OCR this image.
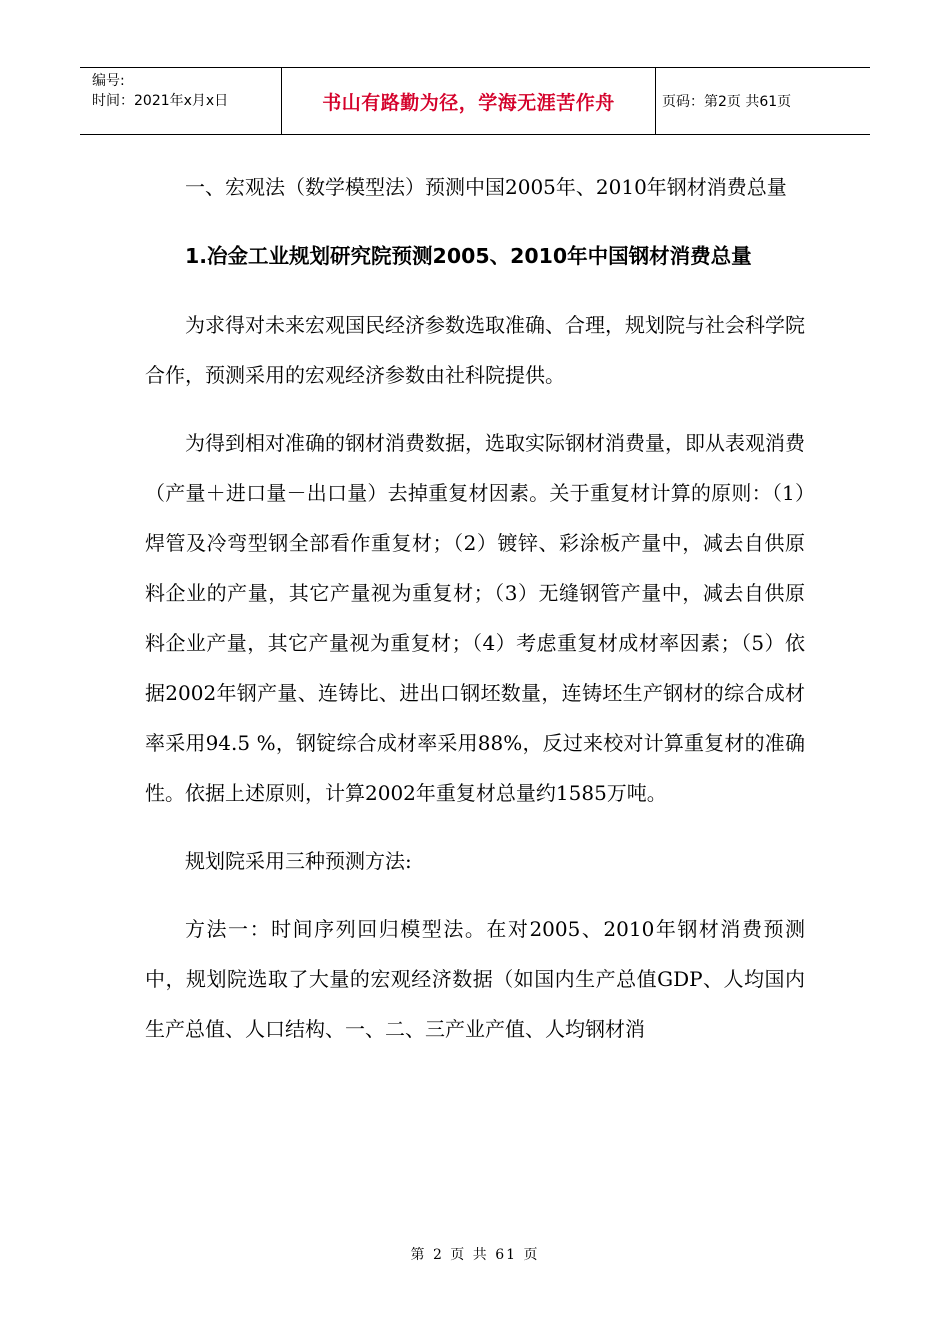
编号:
时间：2021年x月x日	书山有路勤为径，学海无涯苦作舟	页码：第2页 共61页

一、宏观法（数学模型法）预测中国2005年、2010年钢材消费总量

1.冶金工业规划研究院预测2005、2010年中国钢材消费总量

为求得对未来宏观国民经济参数选取准确、合理，规划院与社会科学院合作，预测采用的宏观经济参数由社科院提供。

为得到相对准确的钢材消费数据，选取实际钢材消费量，即从表观消费（产量＋进口量－出口量）去掉重复材因素。关于重复材计算的原则：（1）焊管及冷弯型钢全部看作重复材；（2）镀锌、彩涂板产量中，减去自供原料企业的产量，其它产量视为重复材；（3）无缝钢管产量中，减去自供原料企业产量，其它产量视为重复材；（4）考虑重复材成材率因素；（5）依据2002年钢产量、连铸比、进出口钢坯数量，连铸坯生产钢材的综合成材率采用94.5 %，钢锭综合成材率采用88%，反过来校对计算重复材的准确性。依据上述原则，计算2002年重复材总量约1585万吨。

规划院采用三种预测方法:

方法一：时间序列回归模型法。在对2005、2010年钢材消费预测中，规划院选取了大量的宏观经济数据（如国内生产总值GDP、人均国内生产总值、人口结构、一、二、三产业产值、人均钢材消

第 2 页 共 61 页
